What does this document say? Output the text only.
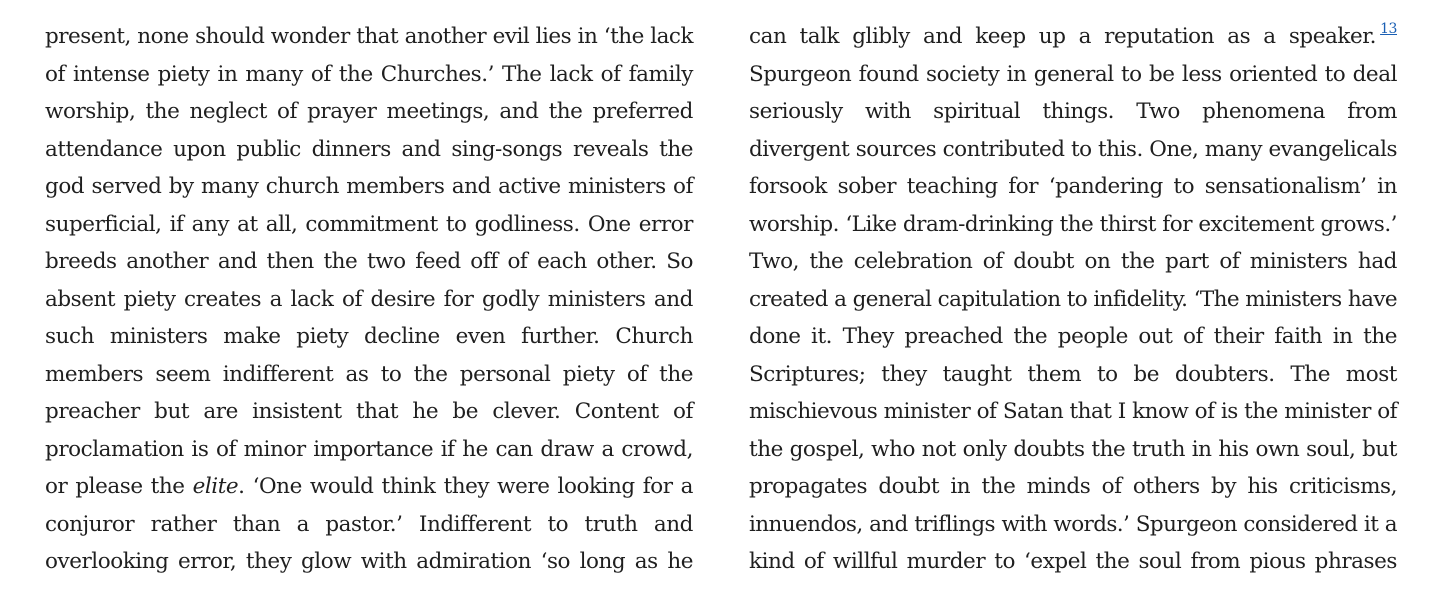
present, none should wonder that another evil lies in ‘the lack
of intense piety in many of the Churches.’ The lack of family
worship, the neglect of prayer meetings, and the preferred
attendance upon public dinners and sing-songs reveals the
god served by many church members and active ministers of
superficial, if any at all, commitment to godliness. One error
breeds another and then the two feed off of each other. So
absent piety creates a lack of desire for godly ministers and
such ministers make piety decline even further. Church
members seem indifferent as to the personal piety of the
preacher but are insistent that he be clever. Content of
proclamation is of minor importance if he can draw a crowd,
or please the elite. ‘One would think they were looking for a
conjuror rather than a pastor.’ Indifferent to truth and
overlooking error, they glow with admiration ‘so long as he
can talk glibly and keep up a reputation as a speaker. $^{13}$
Spurgeon found society in general to be less oriented to deal
seriously with spiritual things. Two phenomena from
divergent sources contributed to this. One, many evangelicals
forsook sober teaching for ‘pandering to sensationalism’ in
worship. ‘Like dram-drinking the thirst for excitement grows.’
Two, the celebration of doubt on the part of ministers had
created a general capitulation to infidelity. ‘The ministers have
done it. They preached the people out of their faith in the
Scriptures; they taught them to be doubters. The most
mischievous minister of Satan that I know of is the minister of
the gospel, who not only doubts the truth in his own soul, but
propagates doubt in the minds of others by his criticisms,
innuendos, and triflings with words.’ Spurgeon considered it a
kind of willful murder to ‘expel the soul from pious phrases
